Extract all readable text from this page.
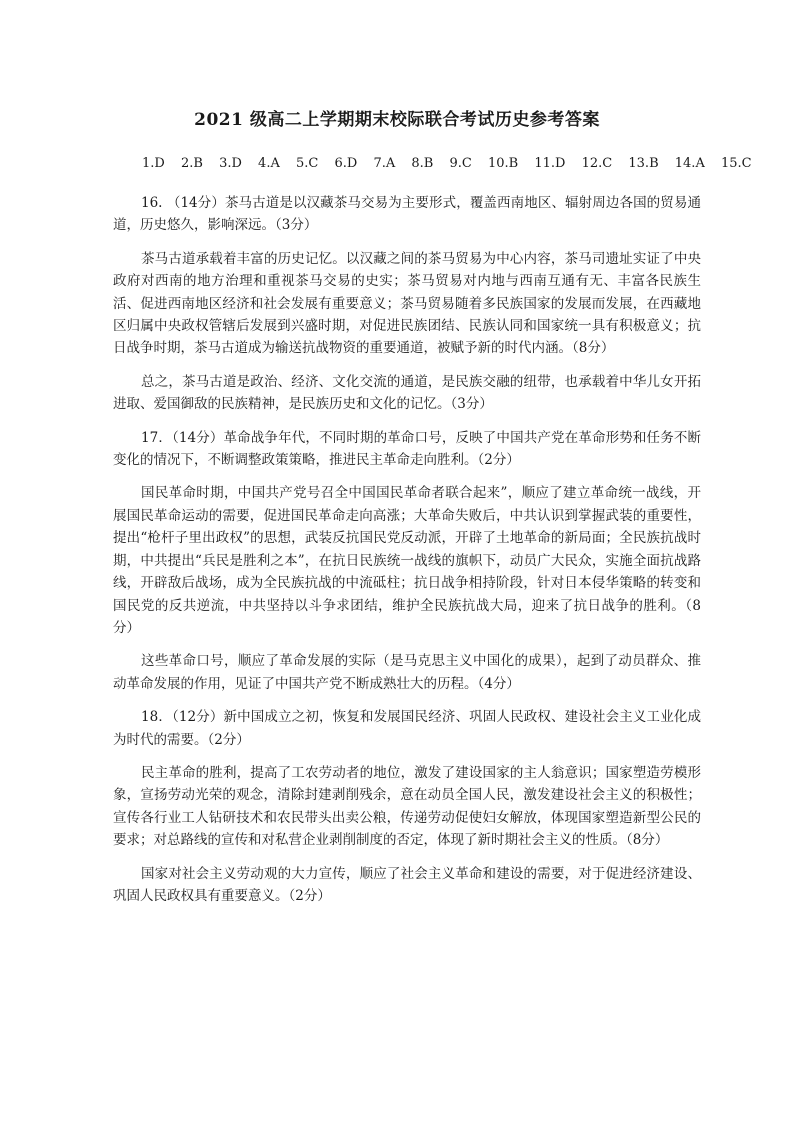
2021 级高二上学期期末校际联合考试历史参考答案
1.D 2.B 3.D 4.A 5.C 6.D 7.A 8.B 9.C 10.B 11.D 12.C 13.B 14.A 15.C

16. （14分）茶马古道是以汉藏茶马交易为主要形式，覆盖西南地区、辐射周边各国的贸易通道，历史悠久，影响深远。（3分）

茶马古道承载着丰富的历史记忆。以汉藏之间的茶马贸易为中心内容，茶马司遗址实证了中央政府对西南的地方治理和重视茶马交易的史实；茶马贸易对内地与西南互通有无、丰富各民族生活、促进西南地区经济和社会发展有重要意义；茶马贸易随着多民族国家的发展而发展，在西藏地区归属中央政权管辖后发展到兴盛时期，对促进民族团结、民族认同和国家统一具有积极意义；抗日战争时期，茶马古道成为输送抗战物资的重要通道，被赋予新的时代内涵。（8分）

总之，茶马古道是政治、经济、文化交流的通道，是民族交融的纽带，也承载着中华儿女开拓进取、爱国御敌的民族精神，是民族历史和文化的记忆。（3分）

17．（14分）革命战争年代，不同时期的革命口号，反映了中国共产党在革命形势和任务不断变化的情况下，不断调整政策策略，推进民主革命走向胜利。（2分）

国民革命时期，中国共产党号召全中国国民革命者联合起来”，顺应了建立革命统一战线，开展国民革命运动的需要，促进国民革命走向高涨；大革命失败后，中共认识到掌握武装的重要性，提出“枪杆子里出政权”的思想，武装反抗国民党反动派，开辟了土地革命的新局面；全民族抗战时期，中共提出“兵民是胜利之本”，在抗日民族统一战线的旗帜下，动员广大民众，实施全面抗战路线，开辟敌后战场，成为全民族抗战的中流砥柱；抗日战争相持阶段，针对日本侵华策略的转变和国民党的反共逆流，中共坚持以斗争求团结，维护全民族抗战大局，迎来了抗日战争的胜利。（8分）

这些革命口号，顺应了革命发展的实际（是马克思主义中国化的成果），起到了动员群众、推动革命发展的作用，见证了中国共产党不断成熟壮大的历程。（4分）

18．（12分）新中国成立之初，恢复和发展国民经济、巩固人民政权、建设社会主义工业化成为时代的需要。（2分）

民主革命的胜利，提高了工农劳动者的地位，激发了建设国家的主人翁意识；国家塑造劳模形象，宣扬劳动光荣的观念，清除封建剥削残余，意在动员全国人民，激发建设社会主义的积极性；宣传各行业工人钻研技术和农民带头出卖公粮，传递劳动促使妇女解放，体现国家塑造新型公民的要求；对总路线的宣传和对私营企业剥削制度的否定，体现了新时期社会主义的性质。（8分）

国家对社会主义劳动观的大力宣传，顺应了社会主义革命和建设的需要，对于促进经济建设、巩固人民政权具有重要意义。（2分）
